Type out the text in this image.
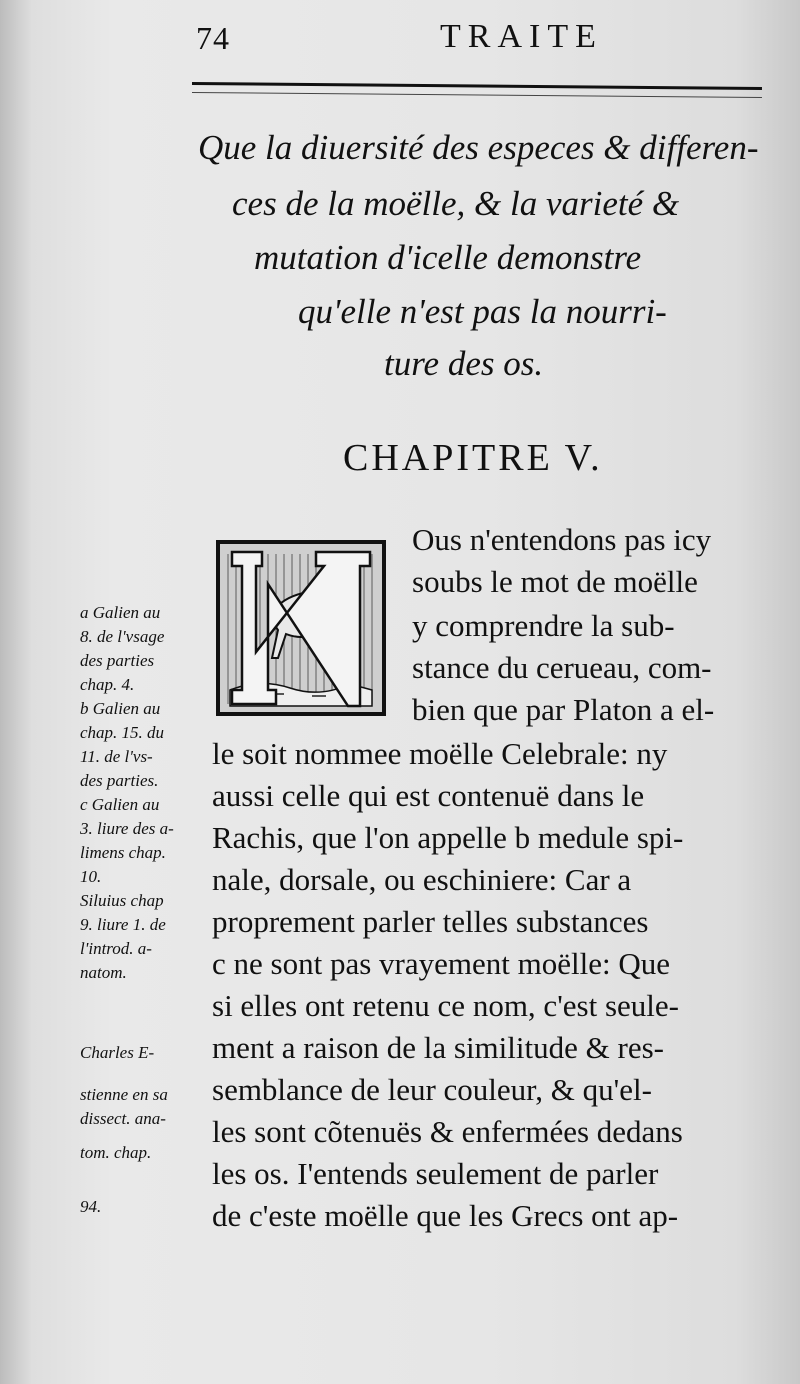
74	TRAITE
Que la diuersité des especes & differen-
ces de la moëlle, & la varieté &
mutation d'icelle demonstre
qu'elle n'est pas la nourri-
ture des os.
CHAPITRE V.
Ous n'entendons pas icy
soubs le mot de moëlle
y comprendre la sub-
stance du cerueau, com-
bien que par Platon a el-
le soit nommee moëlle Celebrale: ny
aussi celle qui est contenuë dans le
Rachis, que l'on appelle b medule spi-
nale, dorsale, ou eschiniere: Car a
proprement parler telles substances
c ne sont pas vrayement moëlle: Que
si elles ont retenu ce nom, c'est seule-
ment a raison de la similitude & res-
semblance de leur couleur, & qu'el-
les sont cõtenuës & enfermées dedans
les os. I'entends seulement de parler
de c'este moëlle que les Grecs ont ap-
a Galien au
8. de l'vsage
des parties
chap. 4.
b Galien au
chap. 15. du
11. de l'vs-
des parties.
c Galien au
3. liure des a-
limens chap.
10.
Siluius chap
9. liure 1. de
l'introd. a-
natom.
Charles E-
stienne en sa
dissect. ana-
tom. chap.
94.
